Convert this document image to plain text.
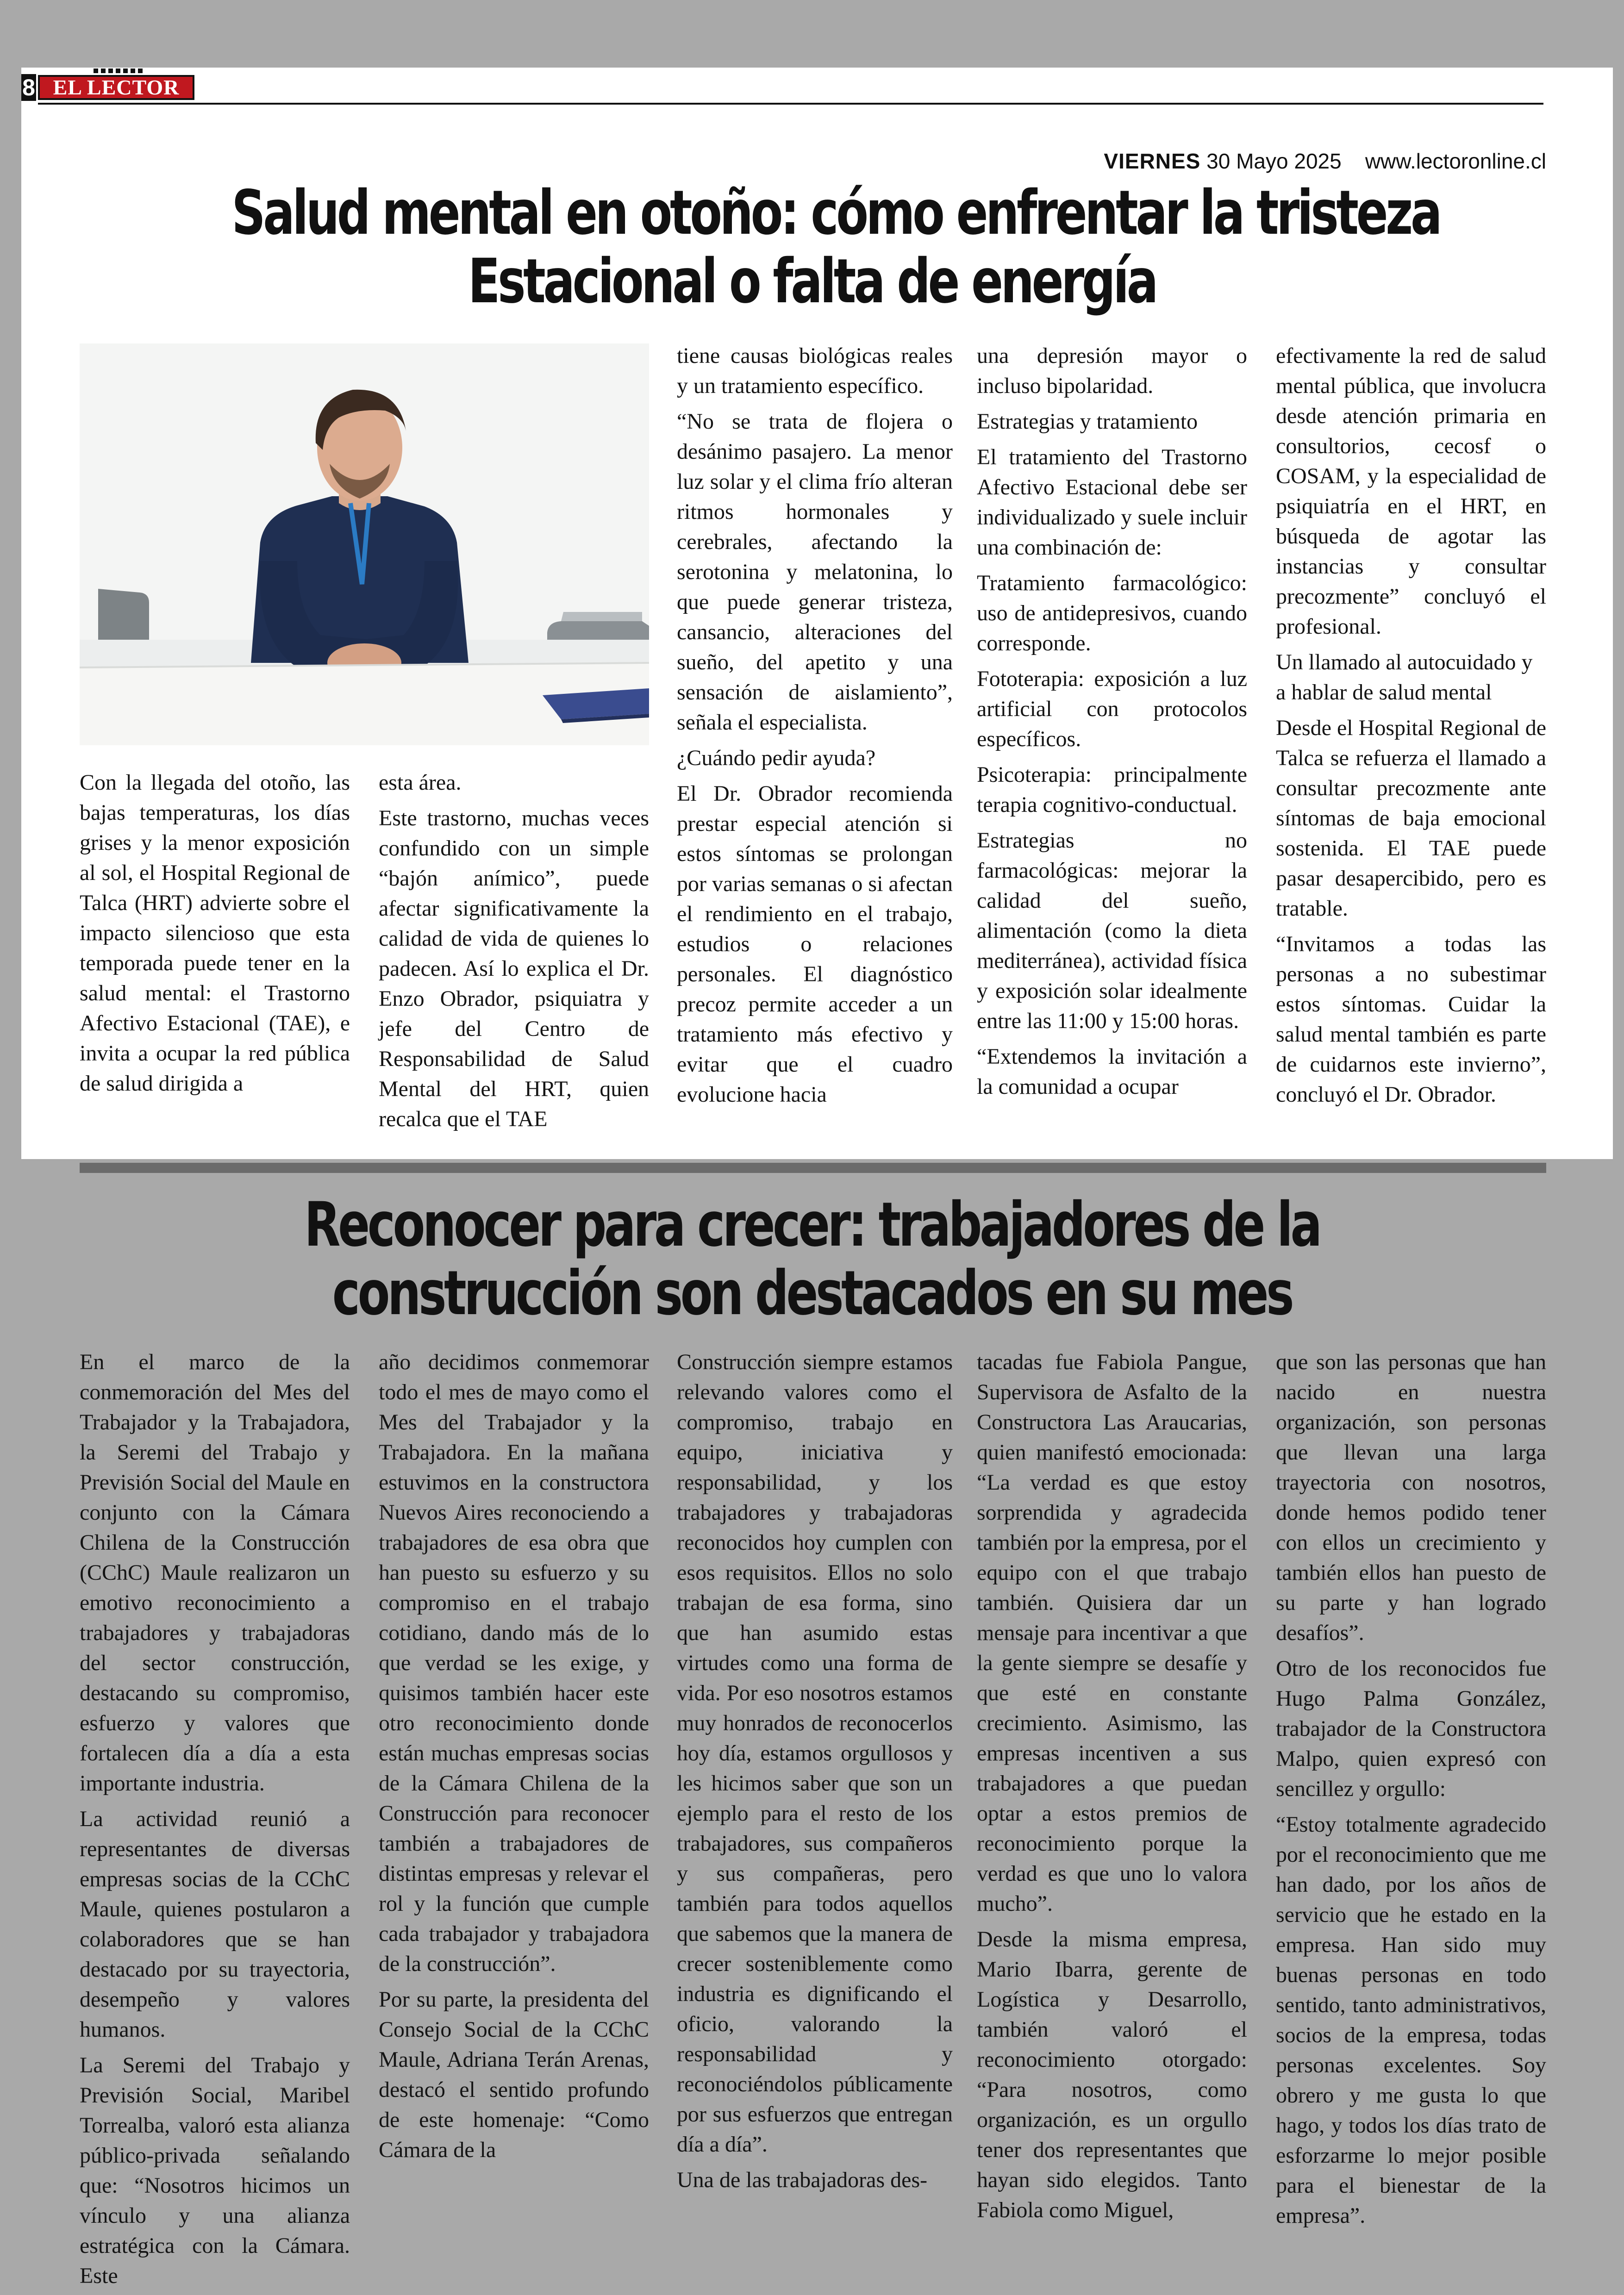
8 EL LECTOR
VIERNES 30 Mayo 2025 www.lectoronline.cl
Salud mental en otoño: cómo enfrentar la tristeza
Estacional o falta de energía

Con la llegada del otoño, las bajas temperaturas, los días grises y la menor exposición al sol, el Hospital Regional de Talca (HRT) advierte sobre el impacto silencioso que esta temporada puede tener en la salud mental: el Trastorno Afectivo Estacional (TAE), e invita a ocupar la red pública de salud dirigida a

esta área.

Este trastorno, muchas veces confundido con un simple “bajón anímico”, puede afectar significativamente la calidad de vida de quienes lo padecen. Así lo explica el Dr. Enzo Obrador, psiquiatra y jefe del Centro de Responsabilidad de Salud Mental del HRT, quien recalca que el TAE

tiene causas biológicas reales y un tratamiento específico.

“No se trata de flojera o desánimo pasajero. La menor luz solar y el clima frío alteran ritmos hormonales y cerebrales, afectando la serotonina y melatonina, lo que puede generar tristeza, cansancio, alteraciones del sueño, del apetito y una sensación de aislamiento”, señala el especialista.

¿Cuándo pedir ayuda?

El Dr. Obrador recomienda prestar especial atención si estos síntomas se prolongan por varias semanas o si afectan el rendimiento en el trabajo, estudios o relaciones personales. El diagnóstico precoz permite acceder a un tratamiento más efectivo y evitar que el cuadro evolucione hacia

una depresión mayor o incluso bipolaridad.

Estrategias y tratamiento

El tratamiento del Trastorno Afectivo Estacional debe ser individualizado y suele incluir una combinación de:

Tratamiento farmacológico: uso de antidepresivos, cuando corresponde.

Fototerapia: exposición a luz artificial con protocolos específicos.

Psicoterapia: principalmente terapia cognitivo-conductual.

Estrategias no farmacológicas: mejorar la calidad del sueño, alimentación (como la dieta mediterránea), actividad física y exposición solar idealmente entre las 11:00 y 15:00 horas.

“Extendemos la invitación a la comunidad a ocupar

efectivamente la red de salud mental pública, que involucra desde atención primaria en consultorios, cecosf o COSAM, y la especialidad de psiquiatría en el HRT, en búsqueda de agotar las instancias y consultar precozmente” concluyó el profesional.

Un llamado al autocuidado y a hablar de salud mental

Desde el Hospital Regional de Talca se refuerza el llamado a consultar precozmente ante síntomas de baja emocional sostenida. El TAE puede pasar desapercibido, pero es tratable.

“Invitamos a todas las personas a no subestimar estos síntomas. Cuidar la salud mental también es parte de cuidarnos este invierno”, concluyó el Dr. Obrador.

Reconocer para crecer: trabajadores de la
construcción son destacados en su mes

En el marco de la conmemoración del Mes del Trabajador y la Trabajadora, la Seremi del Trabajo y Previsión Social del Maule en conjunto con la Cámara Chilena de la Construcción (CChC) Maule realizaron un emotivo reconocimiento a trabajadores y trabajadoras del sector construcción, destacando su compromiso, esfuerzo y valores que fortalecen día a día a esta importante industria.

La actividad reunió a representantes de diversas empresas socias de la CChC Maule, quienes postularon a colaboradores que se han destacado por su trayectoria, desempeño y valores humanos.

La Seremi del Trabajo y Previsión Social, Maribel Torrealba, valoró esta alianza público-privada señalando que: “Nosotros hicimos un vínculo y una alianza estratégica con la Cámara. Este

año decidimos conmemorar todo el mes de mayo como el Mes del Trabajador y la Trabajadora. En la mañana estuvimos en la constructora Nuevos Aires reconociendo a trabajadores de esa obra que han puesto su esfuerzo y su compromiso en el trabajo cotidiano, dando más de lo que verdad se les exige, y quisimos también hacer este otro reconocimiento donde están muchas empresas socias de la Cámara Chilena de la Construcción para reconocer también a trabajadores de distintas empresas y relevar el rol y la función que cumple cada trabajador y trabajadora de la construcción”.

Por su parte, la presidenta del Consejo Social de la CChC Maule, Adriana Terán Arenas, destacó el sentido profundo de este homenaje: “Como Cámara de la

Construcción siempre estamos relevando valores como el compromiso, trabajo en equipo, iniciativa y responsabilidad, y los trabajadores y trabajadoras reconocidos hoy cumplen con esos requisitos. Ellos no solo trabajan de esa forma, sino que han asumido estas virtudes como una forma de vida. Por eso nosotros estamos muy honrados de reconocerlos hoy día, estamos orgullosos y les hicimos saber que son un ejemplo para el resto de los trabajadores, sus compañeros y sus compañeras, pero también para todos aquellos que sabemos que la manera de crecer sosteniblemente como industria es dignificando el oficio, valorando la responsabilidad y reconociéndolos públicamente por sus esfuerzos que entregan día a día”.

Una de las trabajadoras des-

tacadas fue Fabiola Pangue, Supervisora de Asfalto de la Constructora Las Araucarias, quien manifestó emocionada: “La verdad es que estoy sorprendida y agradecida también por la empresa, por el equipo con el que trabajo también. Quisiera dar un mensaje para incentivar a que la gente siempre se desafíe y que esté en constante crecimiento. Asimismo, las empresas incentiven a sus trabajadores a que puedan optar a estos premios de reconocimiento porque la verdad es que uno lo valora mucho”.

Desde la misma empresa, Mario Ibarra, gerente de Logística y Desarrollo, también valoró el reconocimiento otorgado: “Para nosotros, como organización, es un orgullo tener dos representantes que hayan sido elegidos. Tanto Fabiola como Miguel,

que son las personas que han nacido en nuestra organización, son personas que llevan una larga trayectoria con nosotros, donde hemos podido tener con ellos un crecimiento y también ellos han puesto de su parte y han logrado desafíos”.

Otro de los reconocidos fue Hugo Palma González, trabajador de la Constructora Malpo, quien expresó con sencillez y orgullo:

“Estoy totalmente agradecido por el reconocimiento que me han dado, por los años de servicio que he estado en la empresa. Han sido muy buenas personas en todo sentido, tanto administrativos, socios de la empresa, todas personas excelentes. Soy obrero y me gusta lo que hago, y todos los días trato de esforzarme lo mejor posible para el bienestar de la empresa”.
